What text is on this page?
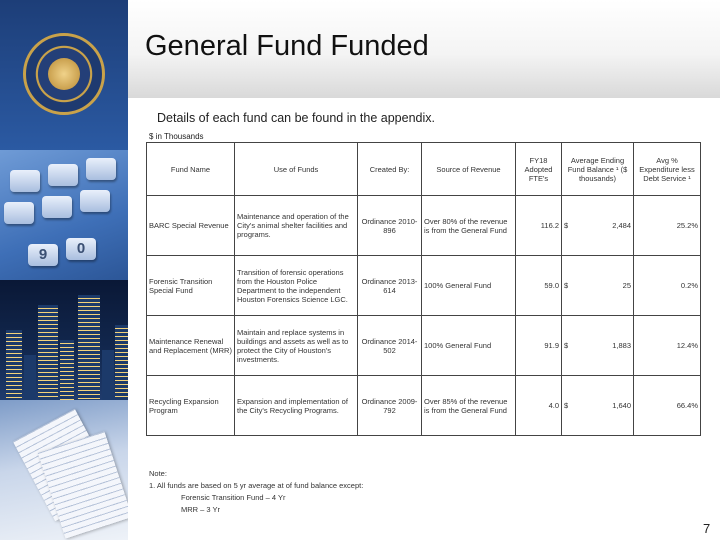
9	0
General Fund Funded
Details of each fund can be found in the appendix.
$ in Thousands
Fund Name	Use of Funds	Created By:	Source of Revenue	FY18 Adopted FTE's	Average Ending Fund Balance ¹ ($ thousands)	Avg % Expenditure less Debt Service ¹
BARC Special Revenue	Maintenance and operation of the City's animal shelter facilities and programs.	Ordinance 2010-896	Over 80% of the revenue is from the General Fund	116.2	$ 2,484	25.2%
Forensic Transition Special Fund	Transition of forensic operations from the Houston Police Department to the independent Houston Forensics Science LGC.	Ordinance 2013-614	100% General Fund	59.0	$ 25	0.2%
Maintenance Renewal and Replacement (MRR)	Maintain and replace systems in buildings and assets as well as to protect the City of Houston's investments.	Ordinance 2014-502	100% General Fund	91.9	$ 1,883	12.4%
Recycling Expansion Program	Expansion and implementation of the City's Recycling Programs.	Ordinance 2009-792	Over 85% of the revenue is from the General Fund	4.0	$ 1,640	66.4%
Note:
1. All funds are based on 5 yr average at of fund balance except:
Forensic Transition Fund – 4 Yr
MRR – 3 Yr
7
